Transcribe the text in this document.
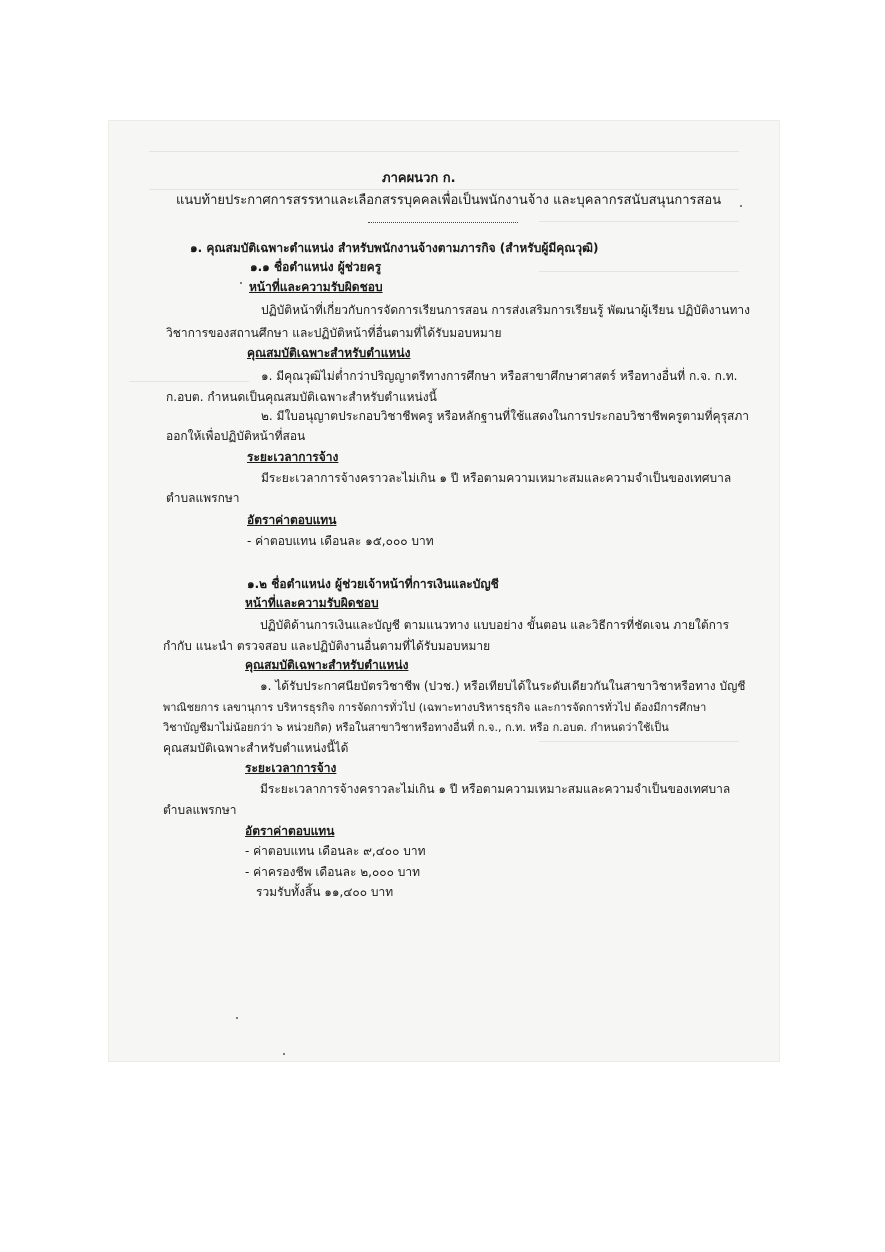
ภาคผนวก ก.
แนบท้ายประกาศการสรรหาและเลือกสรรบุคคลเพื่อเป็นพนักงานจ้าง และบุคลากรสนับสนุนการสอน
๑. คุณสมบัติเฉพาะตำแหน่ง สำหรับพนักงานจ้างตามภารกิจ (สำหรับผู้มีคุณวุฒิ)
๑.๑ ชื่อตำแหน่ง ผู้ช่วยครู
หน้าที่และความรับผิดชอบ
ปฏิบัติหน้าที่เกี่ยวกับการจัดการเรียนการสอน การส่งเสริมการเรียนรู้ พัฒนาผู้เรียน ปฏิบัติงานทาง
วิชาการของสถานศึกษา และปฏิบัติหน้าที่อื่นตามที่ได้รับมอบหมาย
คุณสมบัติเฉพาะสำหรับตำแหน่ง
๑. มีคุณวุฒิไม่ต่ำกว่าปริญญาตรีทางการศึกษา หรือสาขาศึกษาศาสตร์ หรือทางอื่นที่ ก.จ. ก.ท.
ก.อบต. กำหนดเป็นคุณสมบัติเฉพาะสำหรับตำแหน่งนี้
๒. มีใบอนุญาตประกอบวิชาชีพครู หรือหลักฐานที่ใช้แสดงในการประกอบวิชาชีพครูตามที่คุรุสภา
ออกให้เพื่อปฏิบัติหน้าที่สอน
ระยะเวลาการจ้าง
มีระยะเวลาการจ้างคราวละไม่เกิน ๑ ปี หรือตามความเหมาะสมและความจำเป็นของเทศบาล
ตำบลแพรกษา
อัตราค่าตอบแทน
- ค่าตอบแทน เดือนละ ๑๕,๐๐๐ บาท
๑.๒ ชื่อตำแหน่ง ผู้ช่วยเจ้าหน้าที่การเงินและบัญชี
หน้าที่และความรับผิดชอบ
ปฏิบัติด้านการเงินและบัญชี ตามแนวทาง แบบอย่าง ขั้นตอน และวิธีการที่ชัดเจน ภายใต้การ
กำกับ แนะนำ ตรวจสอบ และปฏิบัติงานอื่นตามที่ได้รับมอบหมาย
คุณสมบัติเฉพาะสำหรับตำแหน่ง
๑. ได้รับประกาศนียบัตรวิชาชีพ (ปวช.) หรือเทียบได้ในระดับเดียวกันในสาขาวิชาหรือทาง บัญชี
พาณิชยการ เลขานุการ บริหารธุรกิจ การจัดการทั่วไป (เฉพาะทางบริหารธุรกิจ และการจัดการทั่วไป ต้องมีการศึกษา
วิชาบัญชีมาไม่น้อยกว่า ๖ หน่วยกิต) หรือในสาขาวิชาหรือทางอื่นที่ ก.จ., ก.ท. หรือ ก.อบต. กำหนดว่าใช้เป็น
คุณสมบัติเฉพาะสำหรับตำแหน่งนี้ได้
ระยะเวลาการจ้าง
มีระยะเวลาการจ้างคราวละไม่เกิน ๑ ปี หรือตามความเหมาะสมและความจำเป็นของเทศบาล
ตำบลแพรกษา
อัตราค่าตอบแทน
- ค่าตอบแทน เดือนละ ๙,๔๐๐ บาท
- ค่าครองชีพ เดือนละ ๒,๐๐๐ บาท
รวมรับทั้งสิ้น ๑๑,๔๐๐ บาท
